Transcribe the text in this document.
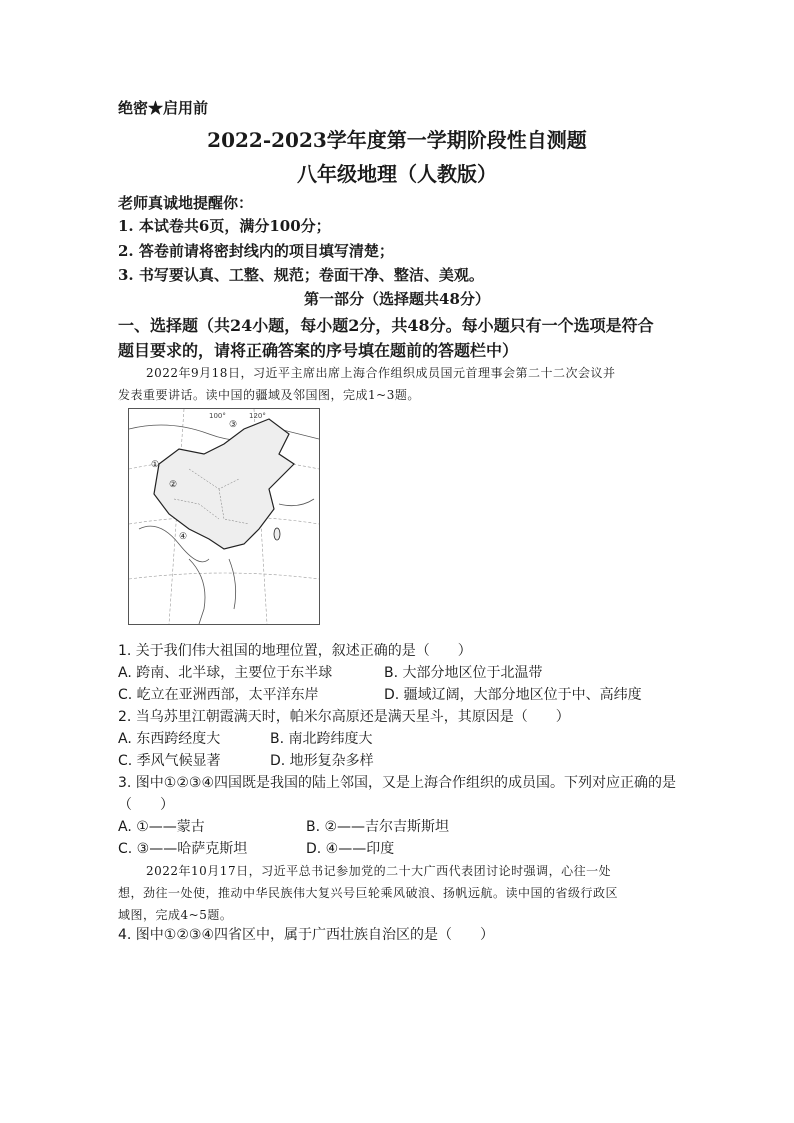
绝密★启用前
2022-2023学年度第一学期阶段性自测题
八年级地理（人教版）
老师真诚地提醒你：
1. 本试卷共6页，满分100分；
2. 答卷前请将密封线内的项目填写清楚；
3. 书写要认真、工整、规范；卷面干净、整洁、美观。
第一部分（选择题共48分）
一、选择题（共24小题，每小题2分，共48分。每小题只有一个选项是符合
题目要求的，请将正确答案的序号填在题前的答题栏中）
2022年9月18日，习近平主席出席上海合作组织成员国元首理事会第二十二次会议并
发表重要讲话。读中国的疆域及邻国图，完成1~3题。
100°	120°
①
②
③
④
1. 关于我们伟大祖国的地理位置，叙述正确的是（　　）
A. 跨南、北半球，主要位于东半球	B. 大部分地区位于北温带
C. 屹立在亚洲西部，太平洋东岸	D. 疆域辽阔，大部分地区位于中、高纬度
2. 当乌苏里江朝霞满天时，帕米尔高原还是满天星斗，其原因是（　　）
A. 东西跨经度大	B. 南北跨纬度大
C. 季风气候显著	D. 地形复杂多样
3. 图中①②③④四国既是我国的陆上邻国，又是上海合作组织的成员国。下列对应正确的是
（　　）
A. ①——蒙古	B. ②——吉尔吉斯斯坦
C. ③——哈萨克斯坦	D. ④——印度
2022年10月17日，习近平总书记参加党的二十大广西代表团讨论时强调，心往一处
想，劲往一处使，推动中华民族伟大复兴号巨轮乘风破浪、扬帆远航。读中国的省级行政区
域图，完成4~5题。
4. 图中①②③④四省区中，属于广西壮族自治区的是（　　）
